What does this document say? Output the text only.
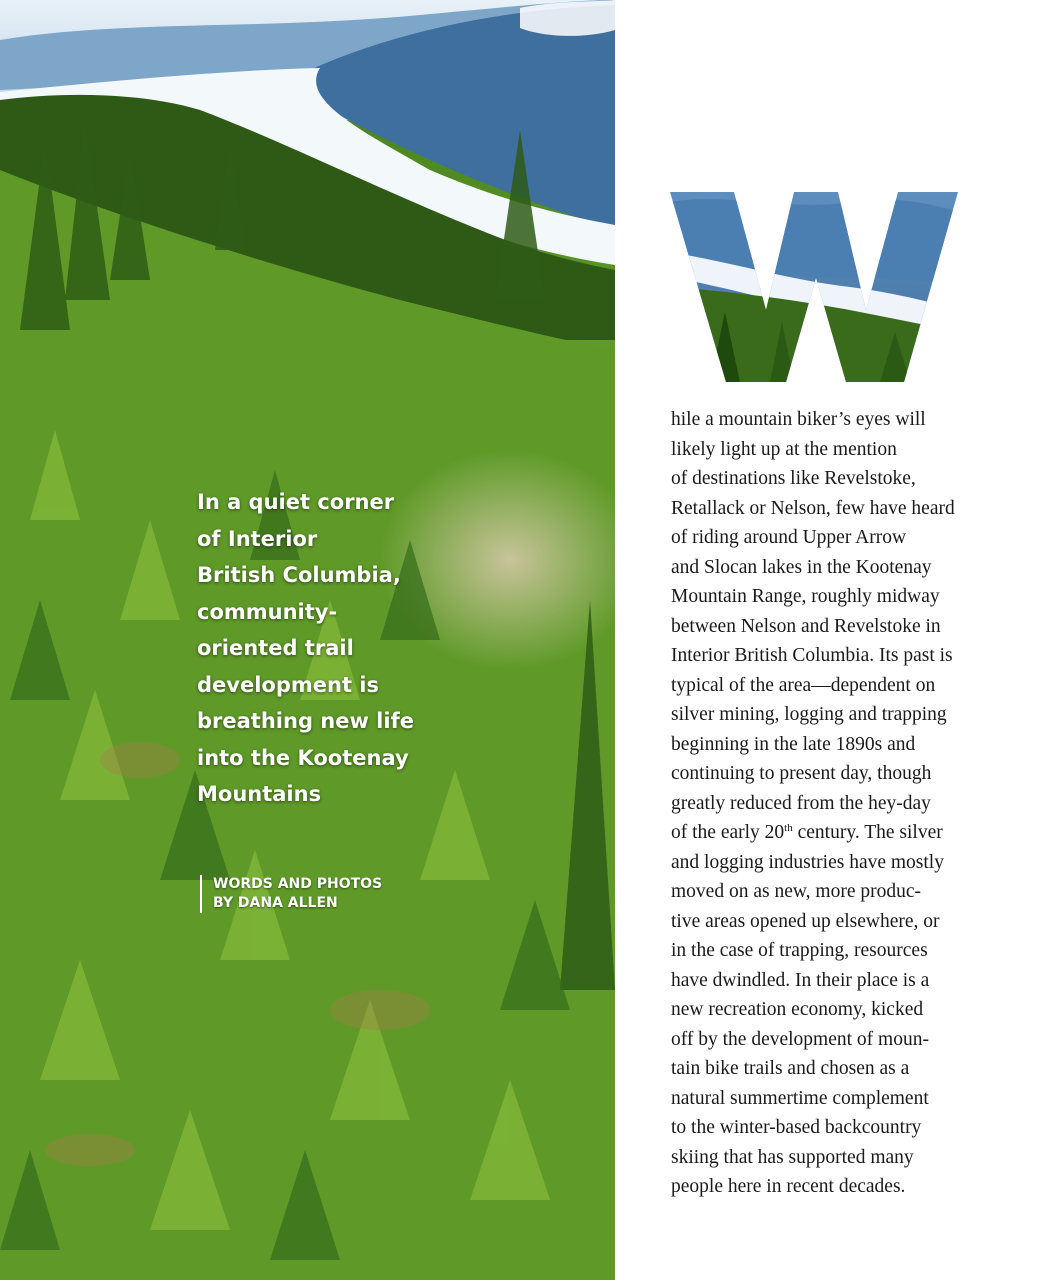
In a quiet corner
of Interior
British Columbia,
community-
oriented trail
development is
breathing new life
into the Kootenay
Mountains

WORDS AND PHOTOS
BY DANA ALLEN
hile a mountain biker’s eyes will
likely light up at the mention
of destinations like Revelstoke,
Retallack or Nelson, few have heard
of riding around Upper Arrow
and Slocan lakes in the Kootenay
Mountain Range, roughly midway
between Nelson and Revelstoke in
Interior British Columbia. Its past is
typical of the area—dependent on
silver mining, logging and trapping
beginning in the late 1890s and
continuing to present day, though
greatly reduced from the hey-day
of the early 20th century. The silver
and logging industries have mostly
moved on as new, more produc-
tive areas opened up elsewhere, or
in the case of trapping, resources
have dwindled. In their place is a
new recreation economy, kicked
off by the development of moun-
tain bike trails and chosen as a
natural summertime complement
to the winter-based backcountry
skiing that has supported many
people here in recent decades.
